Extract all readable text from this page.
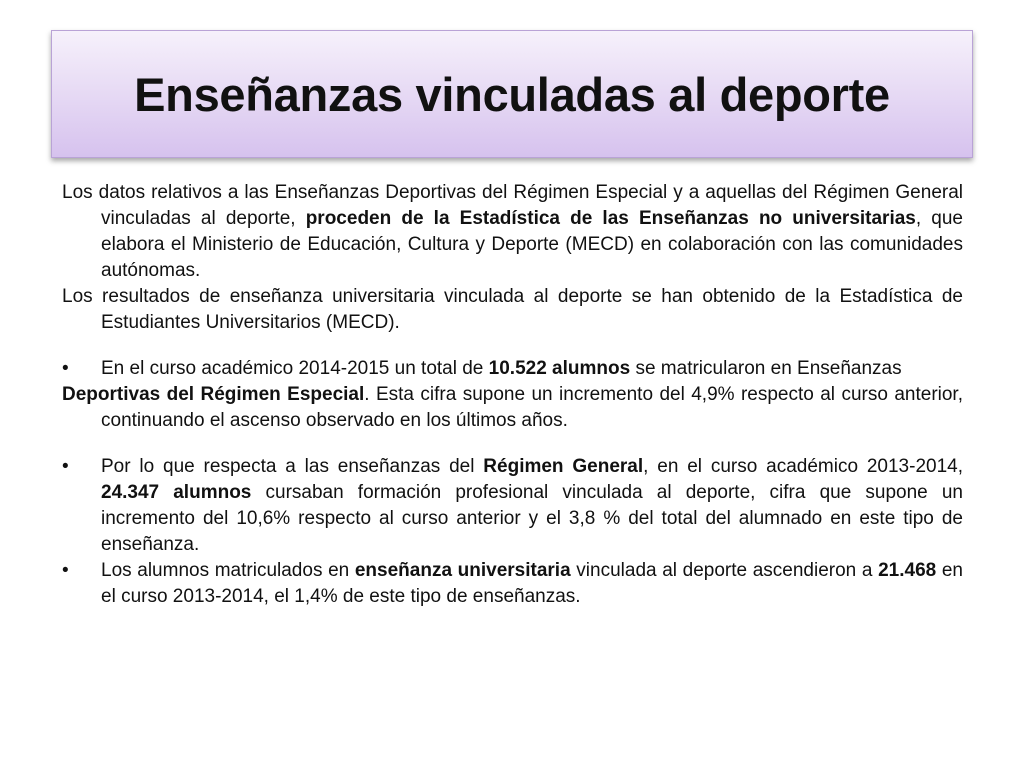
Enseñanzas vinculadas al deporte

Los datos relativos a las Enseñanzas Deportivas del Régimen Especial y a aquellas del Régimen General vinculadas al deporte, proceden de la Estadística de las Enseñanzas no universitarias, que elabora el Ministerio de Educación, Cultura y Deporte (MECD) en colaboración con las comunidades autónomas.

Los resultados de enseñanza universitaria vinculada al deporte se han obtenido de la Estadística de Estudiantes Universitarios (MECD).

•	En el curso académico 2014-2015 un total de 10.522 alumnos se matricularon en Enseñanzas

Deportivas del Régimen Especial. Esta cifra supone un incremento del 4,9% respecto al curso anterior, continuando el ascenso observado en los últimos años.

•	Por lo que respecta a las enseñanzas del Régimen General, en el curso académico 2013-2014, 24.347 alumnos cursaban formación profesional vinculada al deporte, cifra que supone un incremento del 10,6% respecto al curso anterior y el 3,8 % del total del alumnado en este tipo de enseñanza.

•	Los alumnos matriculados en enseñanza universitaria vinculada al deporte ascendieron a 21.468 en el curso 2013-2014, el 1,4% de este tipo de enseñanzas.
